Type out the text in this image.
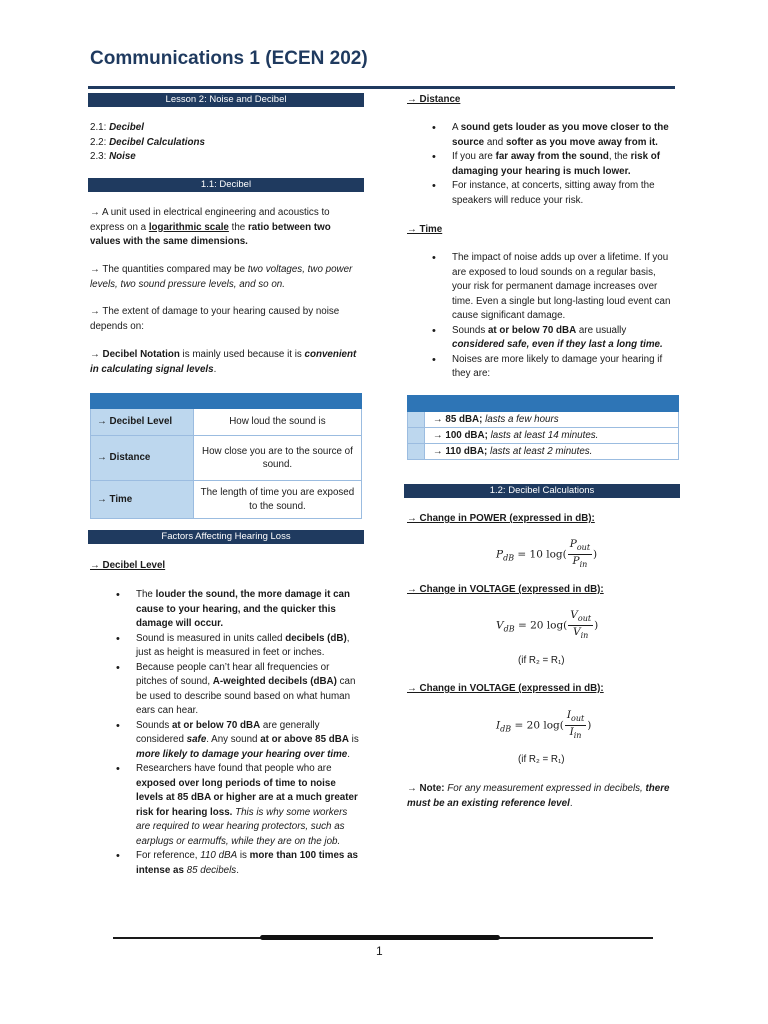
Communications 1 (ECEN 202)
Lesson 2: Noise and Decibel
2.1: Decibel
2.2: Decibel Calculations
2.3: Noise
1.1: Decibel
→ A unit used in electrical engineering and acoustics to express on a logarithmic scale the ratio between two values with the same dimensions.
→ The quantities compared may be two voltages, two power levels, two sound pressure levels, and so on.
→ The extent of damage to your hearing caused by noise depends on:
→ Decibel Notation is mainly used because it is convenient in calculating signal levels.

→ Decibel Level	How loud the sound is
→ Distance	How close you are to the source of sound.
→ Time	The length of time you are exposed to the sound.
Factors Affecting Hearing Loss
→ Decibel Level
• The louder the sound, the more damage it can cause to your hearing, and the quicker this damage will occur.
• Sound is measured in units called decibels (dB), just as height is measured in feet or inches.
• Because people can’t hear all frequencies or pitches of sound, A-weighted decibels (dBA) can be used to describe sound based on what human ears can hear.
• Sounds at or below 70 dBA are generally considered safe. Any sound at or above 85 dBA is more likely to damage your hearing over time.
• Researchers have found that people who are exposed over long periods of time to noise levels at 85 dBA or higher are at a much greater risk for hearing loss. This is why some workers are required to wear hearing protectors, such as earplugs or earmuffs, while they are on the job.
• For reference, 110 dBA is more than 100 times as intense as 85 decibels.
→ Distance
• A sound gets louder as you move closer to the source and softer as you move away from it.
• If you are far away from the sound, the risk of damaging your hearing is much lower.
• For instance, at concerts, sitting away from the speakers will reduce your risk.
→ Time
• The impact of noise adds up over a lifetime. If you are exposed to loud sounds on a regular basis, your risk for permanent damage increases over time. Even a single but long-lasting loud event can cause significant damage.
• Sounds at or below 70 dBA are usually considered safe, even if they last a long time.
• Noises are more likely to damage your hearing if they are:

	→ 85 dBA; lasts a few hours
	→ 100 dBA; lasts at least 14 minutes.
	→ 110 dBA; lasts at least 2 minutes.
1.2: Decibel Calculations
→ Change in POWER (expressed in dB):
$P_{dB} = 10$ $\log( \frac{P_{out}}{P_{in}}$ )
→ Change in VOLTAGE (expressed in dB):
$V_{dB} = 20$ $\log( \frac{V_{out}}{V_{in}}$ )
(if R₂ = R₁)
→ Change in VOLTAGE (expressed in dB):
$I_{dB} = 20$ $\log( \frac{I_{out}}{I_{in}}$ )
(if R₂ = R₁)
→ Note: For any measurement expressed in decibels, there must be an existing reference level.
1
